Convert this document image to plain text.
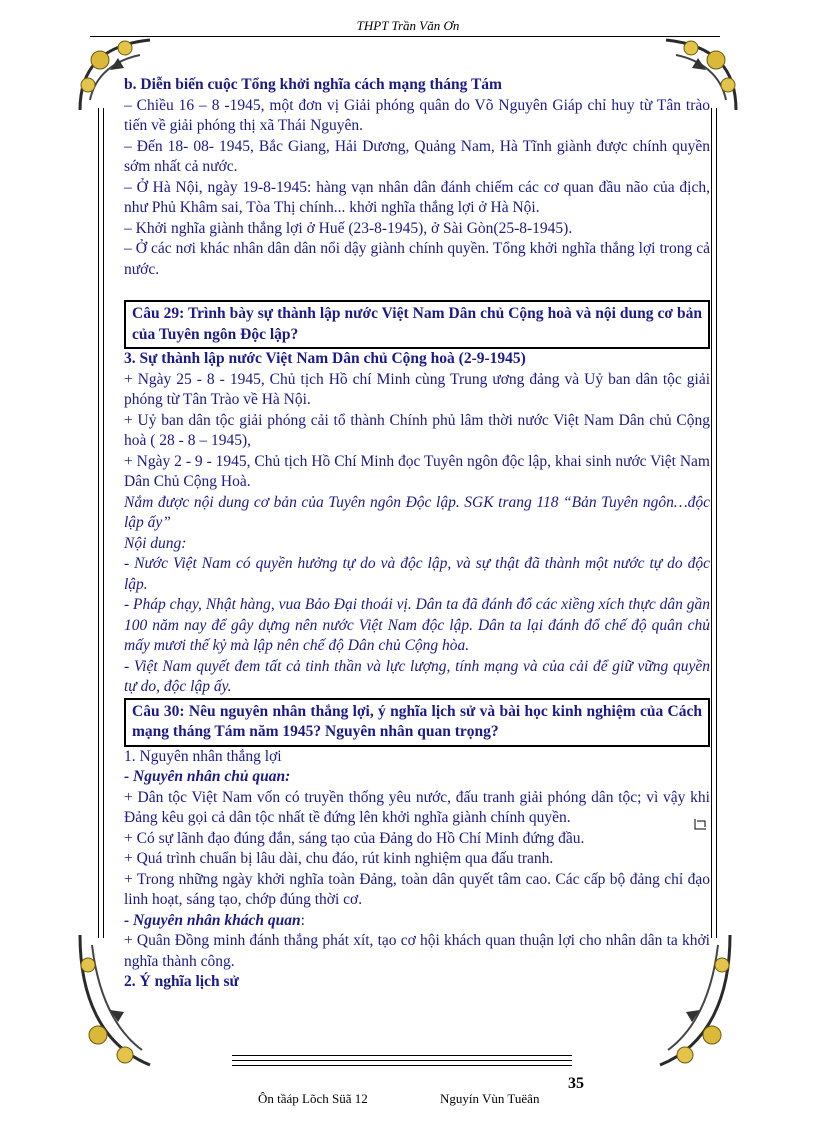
THPT Trần Văn Ơn

b. Diễn biến cuộc Tổng khởi nghĩa cách mạng tháng Tám

– Chiều 16 – 8 -1945, một đơn vị Giải phóng quân do Võ Nguyên Giáp chỉ huy từ Tân trào tiến về giải phóng thị xã Thái Nguyên.

– Đến 18- 08- 1945, Bắc Giang, Hải Dương, Quảng Nam, Hà Tĩnh giành được chính quyền sớm nhất cả nước.

– Ở Hà Nội, ngày 19-8-1945: hàng vạn nhân dân đánh chiếm các cơ quan đầu não của địch, như Phủ Khâm sai, Tòa Thị chính... khởi nghĩa thắng lợi ở Hà Nội.

– Khởi nghĩa giành thắng lợi ở Huế (23-8-1945), ở Sài Gòn(25-8-1945).

– Ở các nơi khác nhân dân dân nổi dậy giành chính quyền. Tổng khởi nghĩa thắng lợi trong cả nước.

Câu 29: Trình bày sự thành lập nước Việt Nam Dân chủ Cộng hoà và nội dung cơ bản của Tuyên ngôn Độc lập?

3. Sự thành lập nước Việt Nam Dân chủ Cộng hoà (2-9-1945)

+ Ngày 25 - 8 - 1945, Chủ tịch Hồ chí Minh cùng Trung ương đảng và Uỷ ban dân tộc giải phóng từ Tân Trào về Hà Nội.

+ Uỷ ban dân tộc giải phóng cải tổ thành Chính phủ lâm thời nước Việt Nam Dân chủ Cộng hoà ( 28 - 8 – 1945),

+ Ngày 2 - 9 - 1945, Chủ tịch Hồ Chí Minh đọc Tuyên ngôn độc lập, khai sinh nước Việt Nam Dân Chủ Cộng Hoà.

Nắm được nội dung cơ bản của Tuyên ngôn Độc lập. SGK trang 118 “Bản Tuyên ngôn…độc lập ấy”

Nội dung:

- Nước Việt Nam có quyền hưởng tự do và độc lập, và sự thật đã thành một nước tự do độc lập.

- Pháp chạy, Nhật hàng, vua Bảo Đại thoái vị. Dân ta đã đánh đổ các xiềng xích thực dân gần 100 năm nay để gây dựng nên nước Việt Nam độc lập. Dân ta lại đánh đổ chế độ quân chủ mấy mươi thế kỷ mà lập nên chế độ Dân chủ Cộng hòa.

- Việt Nam quyết đem tất cả tinh thần và lực lượng, tính mạng và của cải để giữ vững quyền tự do, độc lập ấy.

Câu 30: Nêu nguyên nhân thắng lợi, ý nghĩa lịch sử và bài học kinh nghiệm của Cách mạng tháng Tám năm 1945? Nguyên nhân quan trọng?

1. Nguyên nhân thắng lợi

- Nguyên nhân chủ quan:

+ Dân tộc Việt Nam vốn có truyền thống yêu nước, đấu tranh giải phóng dân tộc; vì vậy khi Đảng kêu gọi cả dân tộc nhất tề đứng lên khởi nghĩa giành chính quyền.

+ Có sự lãnh đạo đúng đắn, sáng tạo của Đảng do Hồ Chí Minh đứng đầu.

+ Quá trình chuẩn bị lâu dài, chu đáo, rút kinh nghiệm qua đấu tranh.

+ Trong những ngày khởi nghĩa toàn Đảng, toàn dân quyết tâm cao. Các cấp bộ đảng chỉ đạo linh hoạt, sáng tạo, chớp đúng thời cơ.

- Nguyên nhân khách quan:

+ Quân Đồng minh đánh thắng phát xít, tạo cơ hội khách quan thuận lợi cho nhân dân ta khởi nghĩa thành công.

2. Ý nghĩa lịch sử

35
Ôn tầáp Lõch Süã 12	Nguyín Vùn Tuëân
